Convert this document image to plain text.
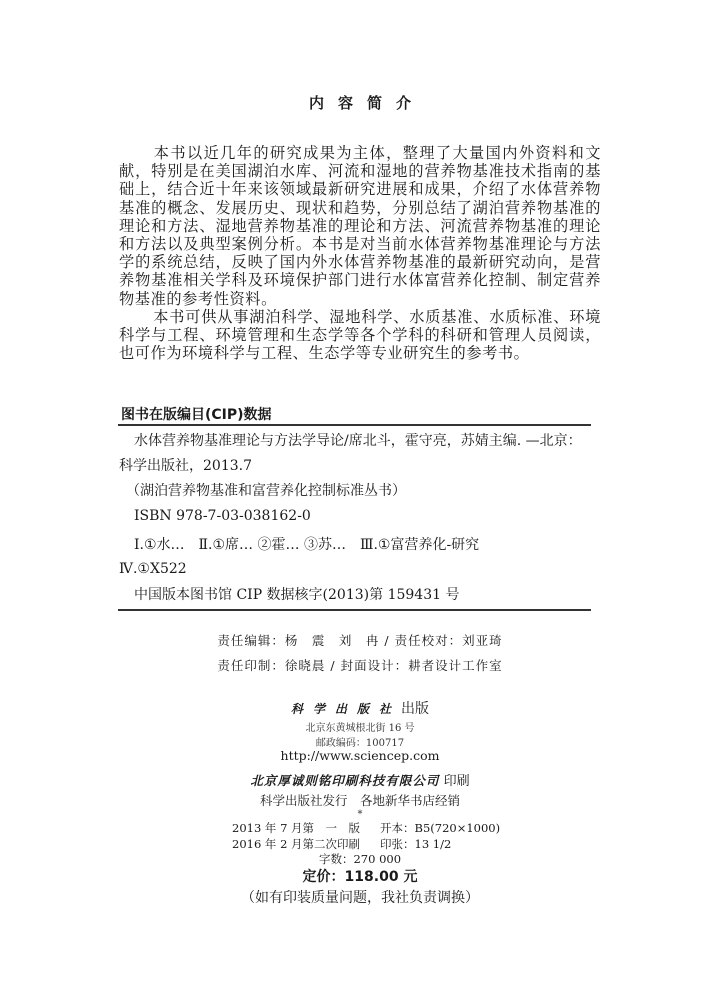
内容简介
本书以近几年的研究成果为主体，整理了大量国内外资料和文献，特别是在美国湖泊水库、河流和湿地的营养物基准技术指南的基础上，结合近十年来该领域最新研究进展和成果，介绍了水体营养物基准的概念、发展历史、现状和趋势，分别总结了湖泊营养物基准的理论和方法、湿地营养物基准的理论和方法、河流营养物基准的理论和方法以及典型案例分析。本书是对当前水体营养物基准理论与方法学的系统总结，反映了国内外水体营养物基准的最新研究动向，是营养物基准相关学科及环境保护部门进行水体富营养化控制、制定营养物基准的参考性资料。
本书可供从事湖泊科学、湿地科学、水质基准、水质标准、环境科学与工程、环境管理和生态学等各个学科的科研和管理人员阅读，也可作为环境科学与工程、生态学等专业研究生的参考书。
图书在版编目(CIP)数据
水体营养物基准理论与方法学导论/席北斗，霍守亮，苏婧主编. —北京：
科学出版社，2013.7
（湖泊营养物基准和富营养化控制标准丛书）
ISBN 978-7-03-038162-0
Ⅰ.①水…　Ⅱ.①席… ②霍… ③苏…　Ⅲ.①富营养化-研究
Ⅳ.①X522
中国版本图书馆 CIP 数据核字(2013)第 159431 号
责任编辑：杨　震　刘　冉 / 责任校对：刘亚琦
责任印制：徐晓晨 / 封面设计：耕者设计工作室
科学出版社出版
北京东黄城根北街 16 号
邮政编码：100717
http://www.sciencep.com
北京厚诚则铭印刷科技有限公司 印刷
科学出版社发行　各地新华书店经销
*
2013 年 7 月第　一　版 开本：B5(720×1000)
2016 年 2 月第二次印刷 印张：13 1/2
字数：270 000
定价：118.00 元
（如有印装质量问题，我社负责调换）
